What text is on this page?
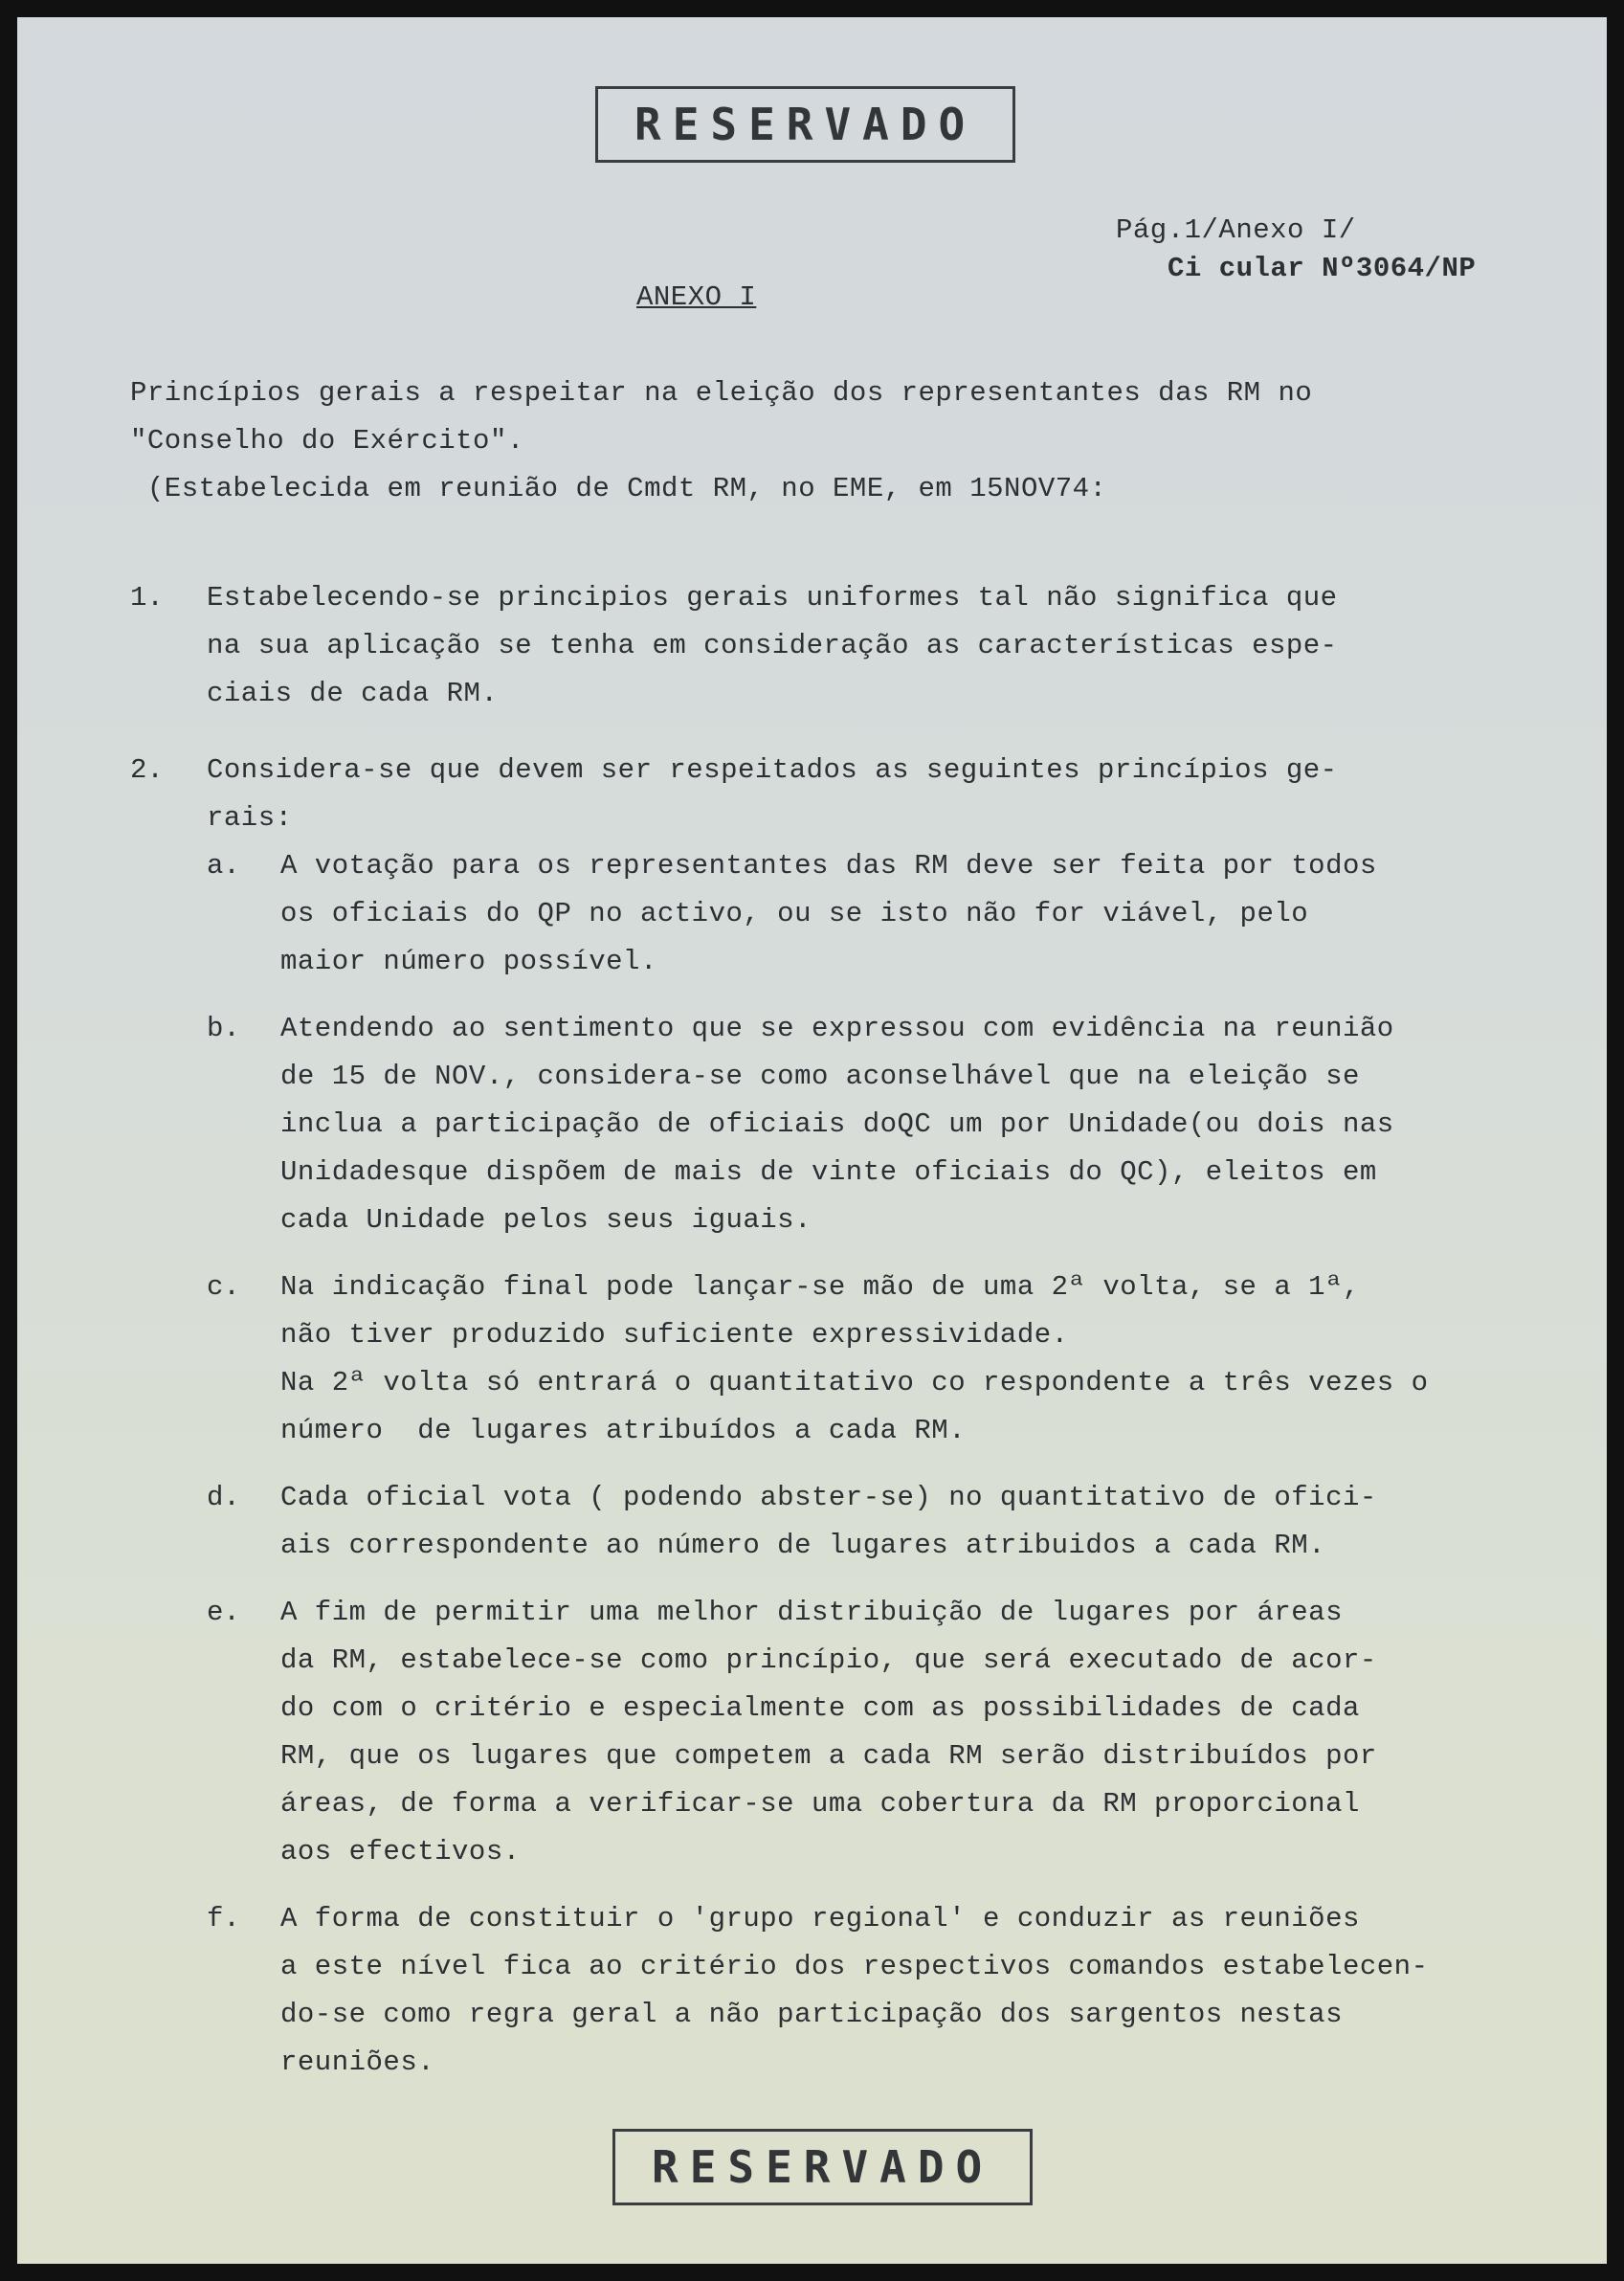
RESERVADO
Pág.1/Anexo I/
Ci cular Nº3064/NP
ANEXO I
Princípios gerais a respeitar na eleição dos representantes das RM no
"Conselho do Exército".
(Estabelecida em reunião de Cmdt RM, no EME, em 15NOV74:
1. Estabelecendo-se principios gerais uniformes tal não significa que
na sua aplicação se tenha em consideração as características espe-
ciais de cada RM.
2. Considera-se que devem ser respeitados as seguintes princípios ge-
rais:
a. A votação para os representantes das RM deve ser feita por todos
os oficiais do QP no activo, ou se isto não for viável, pelo
maior número possível.
b. Atendendo ao sentimento que se expressou com evidência na reunião
de 15 de NOV., considera-se como aconselhável que na eleição se
inclua a participação de oficiais doQC um por Unidade(ou dois nas
Unidadesque dispõem de mais de vinte oficiais do QC), eleitos em
cada Unidade pelos seus iguais.
c. Na indicação final pode lançar-se mão de uma 2ª volta, se a 1ª,
não tiver produzido suficiente expressividade.
Na 2ª volta só entrará o quantitativo co respondente a três vezes o
número  de lugares atribuídos a cada RM.
d. Cada oficial vota ( podendo abster-se) no quantitativo de ofici-
ais correspondente ao número de lugares atribuidos a cada RM.
e. A fim de permitir uma melhor distribuição de lugares por áreas
da RM, estabelece-se como princípio, que será executado de acor-
do com o critério e especialmente com as possibilidades de cada
RM, que os lugares que competem a cada RM serão distribuídos por
áreas, de forma a verificar-se uma cobertura da RM proporcional
aos efectivos.
f. A forma de constituir o 'grupo regional' e conduzir as reuniões
a este nível fica ao critério dos respectivos comandos estabelecen-
do-se como regra geral a não participação dos sargentos nestas
reuniões.
RESERVADO
